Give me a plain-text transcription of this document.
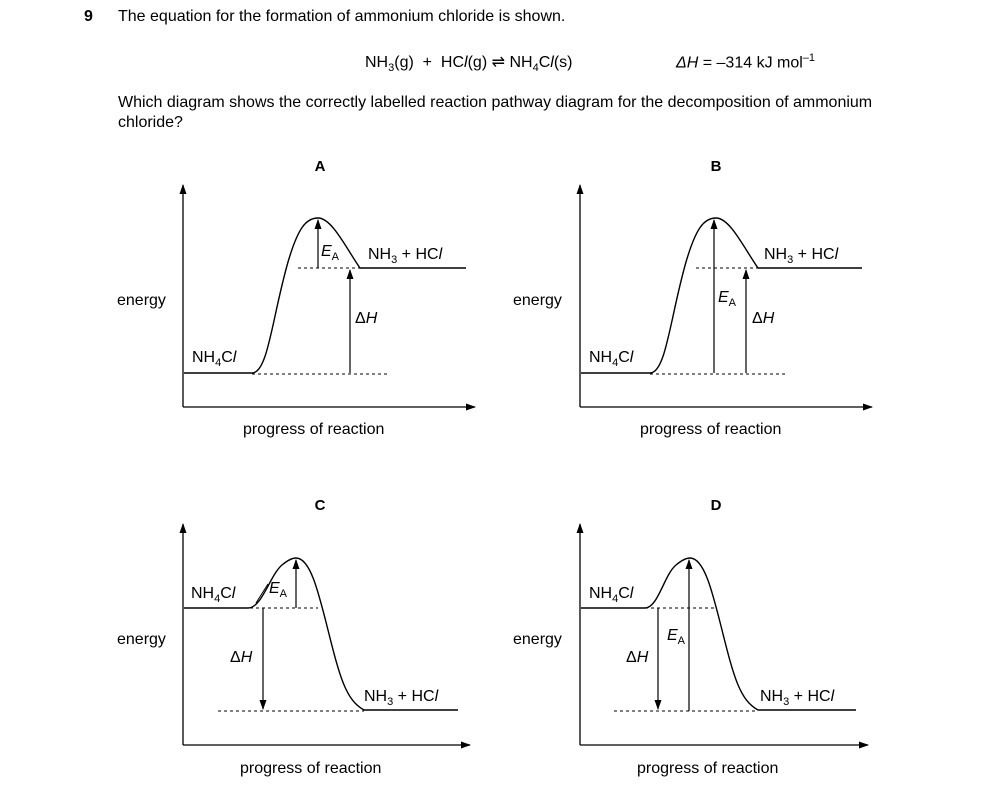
9 The equation for the formation of ammonium chloride is shown.
$NH_3(g) + HCl(g)$ ⇌ $NH_4Cl(s)$	ΔH = –314 kJ mol$^{-1}$
Which diagram shows the correctly labelled reaction pathway diagram for the decomposition of ammonium chloride?
A
energy
progress of reaction
$NH_4Cl$
$NH_3$ + HCl
$E_A$
ΔH
B
energy
progress of reaction
$NH_4Cl$
$NH_3$ + HCl
$E_A$
ΔH
C
energy
progress of reaction
$NH_4Cl$ $E_A$
ΔH
$NH_3$ + HCl
D
energy
progress of reaction
$NH_4Cl$
$E_A$
ΔH
$NH_3$ + HCl
